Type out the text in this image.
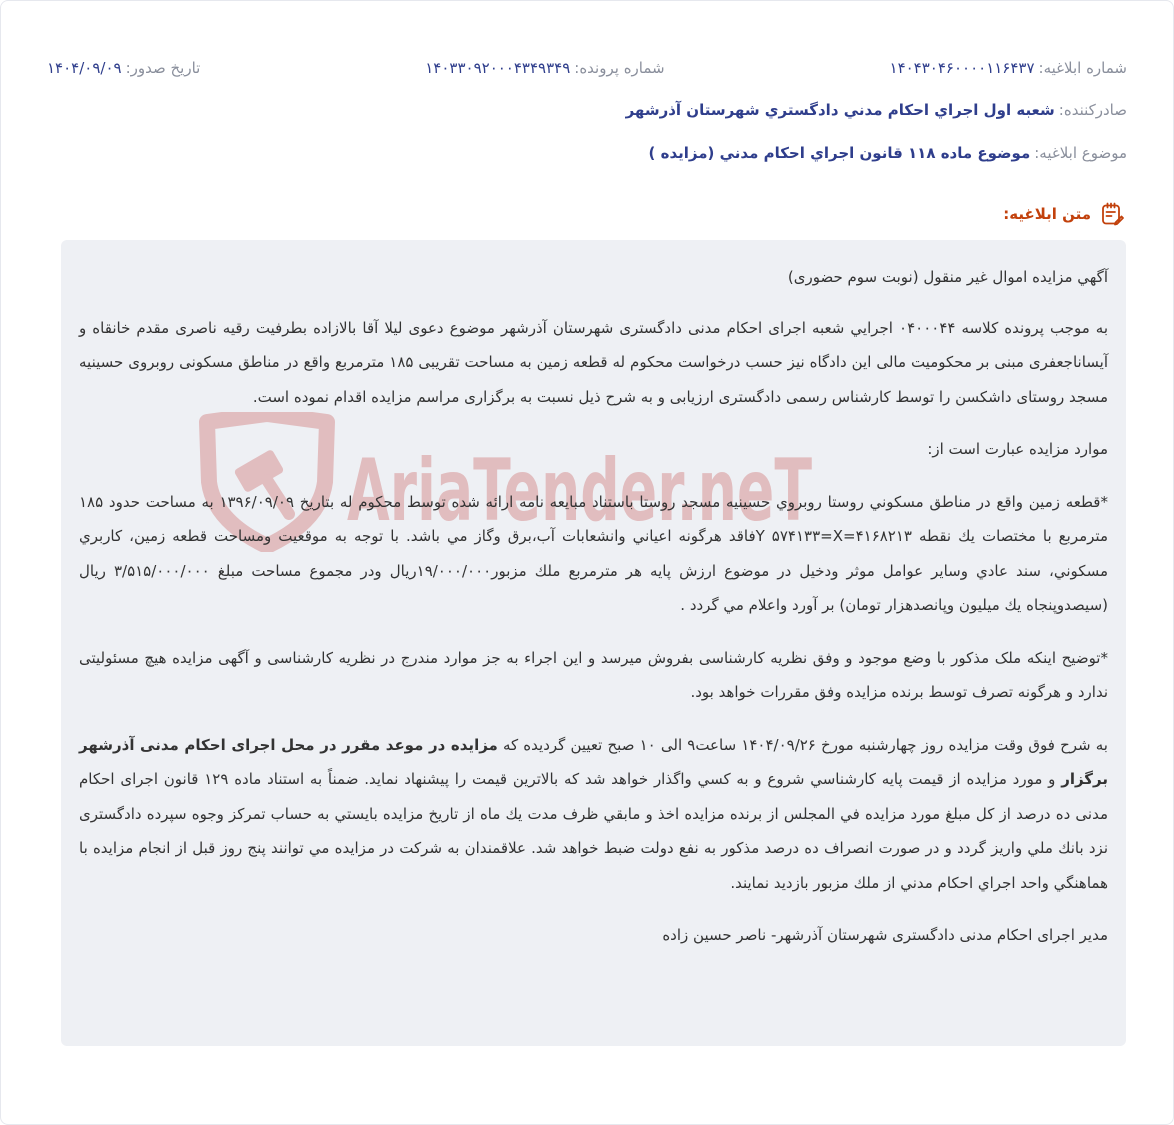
شماره ابلاغیه:
۱۴۰۴۳۰۴۶۰۰۰۰۱۱۶۴۳۷
شماره پرونده:
۱۴۰۳۳۰۹۲۰۰۰۴۳۴۹۳۴۹
تاریخ صدور:
۱۴۰۴/۰۹/۰۹
صادرکننده:
شعبه اول اجراي احكام مدني دادگستري شهرستان آذرشهر
موضوع ابلاغیه:
موضوع ماده ۱۱۸ قانون اجراي احكام مدني (مزايده )
متن ابلاغیه:
AriaTender.neT
آگهي مزايده اموال غير منقول (نوبت سوم حضوری)
به موجب پرونده كلاسه ۰۴۰۰۰۴۴ اجرايي شعبه اجرای احکام مدنی دادگستری شهرستان آذرشهر موضوع دعوی لیلا آقا بالازاده بطرفیت رقیه ناصری مقدم خانقاه و آیساناجعفری مبنی بر محکومیت مالی این دادگاه نیز حسب درخواست محکوم له قطعه زمین به مساحت تقریبی ۱۸۵ مترمربع واقع در مناطق مسکونی روبروی حسینیه مسجد روستای داشکسن را توسط کارشناس رسمی دادگستری ارزیابی و به شرح ذیل نسبت به برگزاری مراسم مزایده اقدام نموده است.
موارد مزايده عبارت است از:
*قطعه زمين واقع در مناطق مسكوني روستا روبروي حسينيه مسجد روستا باستناد مبايعه نامه ارائه شده توسط محكوم له بتاريخ ۱۳۹۶/۰۹/۰۹ به مساحت حدود ۱۸۵ مترمربع با مختصات يك نقطه ۴۱۶۸۲۱۳=Y ۵۷۴۱۳۳=Xفاقد هرگونه اعياني وانشعابات آب،برق وگاز مي باشد. با توجه به موقعيت ومساحت قطعه زمين، كاربري مسكوني، سند عادي وساير عوامل موثر ودخيل در موضوع ارزش پايه هر مترمربع ملك مزبور۱۹/۰۰۰/۰۰۰ريال ودر مجموع مساحت مبلغ ۳/۵۱۵/۰۰۰/۰۰۰ ريال (سيصدوپنجاه يك ميليون وپانصدهزار تومان) بر آورد واعلام مي گردد .
*توضیح اینکه ملک مذکور با وضع موجود و وفق نظریه کارشناسی بفروش میرسد و این اجراء به جز موارد مندرج در نظریه کارشناسی و آگهی مزایده هیچ مسئولیتی ندارد و هرگونه تصرف توسط برنده مزایده وفق مقررات خواهد بود.
به شرح فوق وقت مزايده روز چهارشنبه مورخ ۱۴۰۴/۰۹/۲۶ ساعت۹ الی ۱۰ صبح تعيين گرديده كه مزايده در موعد مقرر در محل اجرای احکام مدنی آذرشهر برگزار و مورد مزايده از قيمت پايه كارشناسي شروع و به كسي واگذار خواهد شد كه بالاترين قيمت را پيشنهاد نمايد. ضمناً به استناد ماده ۱۲۹ قانون اجرای احکام مدنی ده درصد از کل مبلغ مورد مزايده في المجلس از برنده مزايده اخذ و مابقي ظرف مدت يك ماه از تاريخ مزايده بايستي به حساب تمركز وجوه سپرده دادگستری نزد بانك ملي واريز گردد و در صورت انصراف ده درصد مذكور به نفع دولت ضبط خواهد شد. علاقمندان به شركت در مزايده مي توانند پنج روز قبل از انجام مزايده با هماهنگي واحد اجراي احكام مدني از ملك مزبور بازديد نمايند.
مدیر اجرای احکام مدنی دادگستری شهرستان آذرشهر- ناصر حسین زاده
